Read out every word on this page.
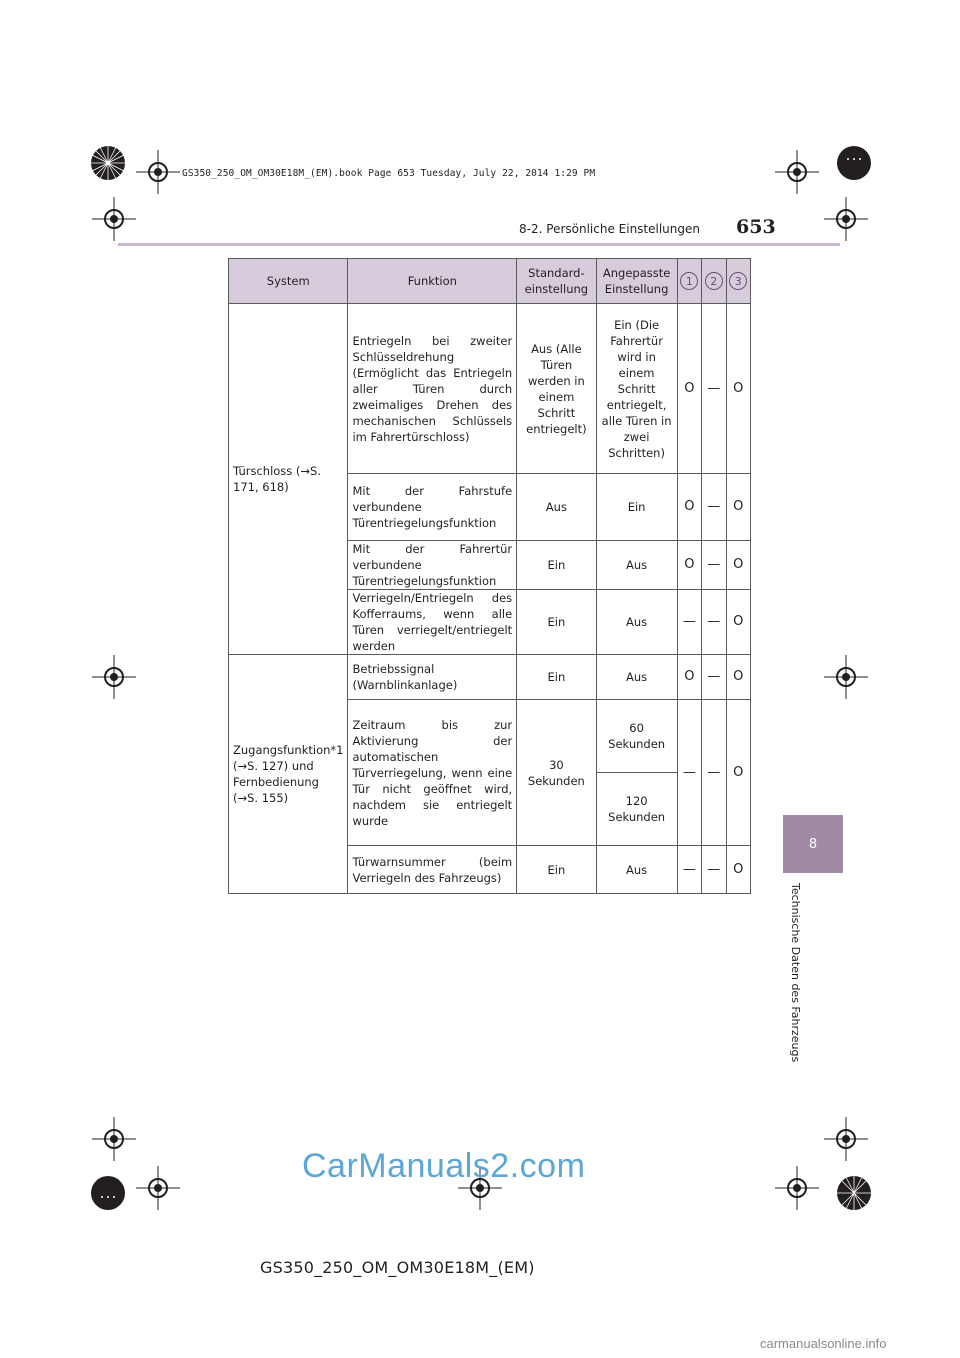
GS350_250_OM_OM30E18M_(EM).book Page 653 Tuesday, July 22, 2014 1:29 PM
8-2. Persönliche Einstellungen 653
8
Technische Daten des Fahrzeugs
System	Funktion	Standard-einstellung	Angepasste Einstellung	1	2	3
Türschloss (→S. 171, 618)	Entriegeln bei zweiter Schlüsseldrehung (Ermöglicht das Entriegeln aller Türen durch zweimaliges Drehen des mechanischen Schlüssels im Fahrertürschloss)	Aus (Alle Türen werden in einem Schritt entriegelt)	Ein (Die Fahrertür wird in einem Schritt entriegelt, alle Türen in zwei Schritten)	O	—	O
	Mit der Fahrstufe verbundene Türentriegelungsfunktion	Aus	Ein	O	—	O
	Mit der Fahrertür verbundene Türentriegelungsfunktion	Ein	Aus	O	—	O
	Verriegeln/Entriegeln des Kofferraums, wenn alle Türen verriegelt/entriegelt werden	Ein	Aus	—	—	O
Zugangsfunktion*1 (→S. 127) und Fernbedienung (→S. 155)	Betriebssignal (Warnblinkanlage)	Ein	Aus	O	—	O
	Zeitraum bis zur Aktivierung der automatischen Türverriegelung, wenn eine Tür nicht geöffnet wird, nachdem sie entriegelt wurde	30 Sekunden	60 Sekunden	—	—	O
			120 Sekunden			
	Türwarnsummer (beim Verriegeln des Fahrzeugs)	Ein	Aus	—	—	O
CarManuals2.com
GS350_250_OM_OM30E18M_(EM)
carmanualsonline.info
